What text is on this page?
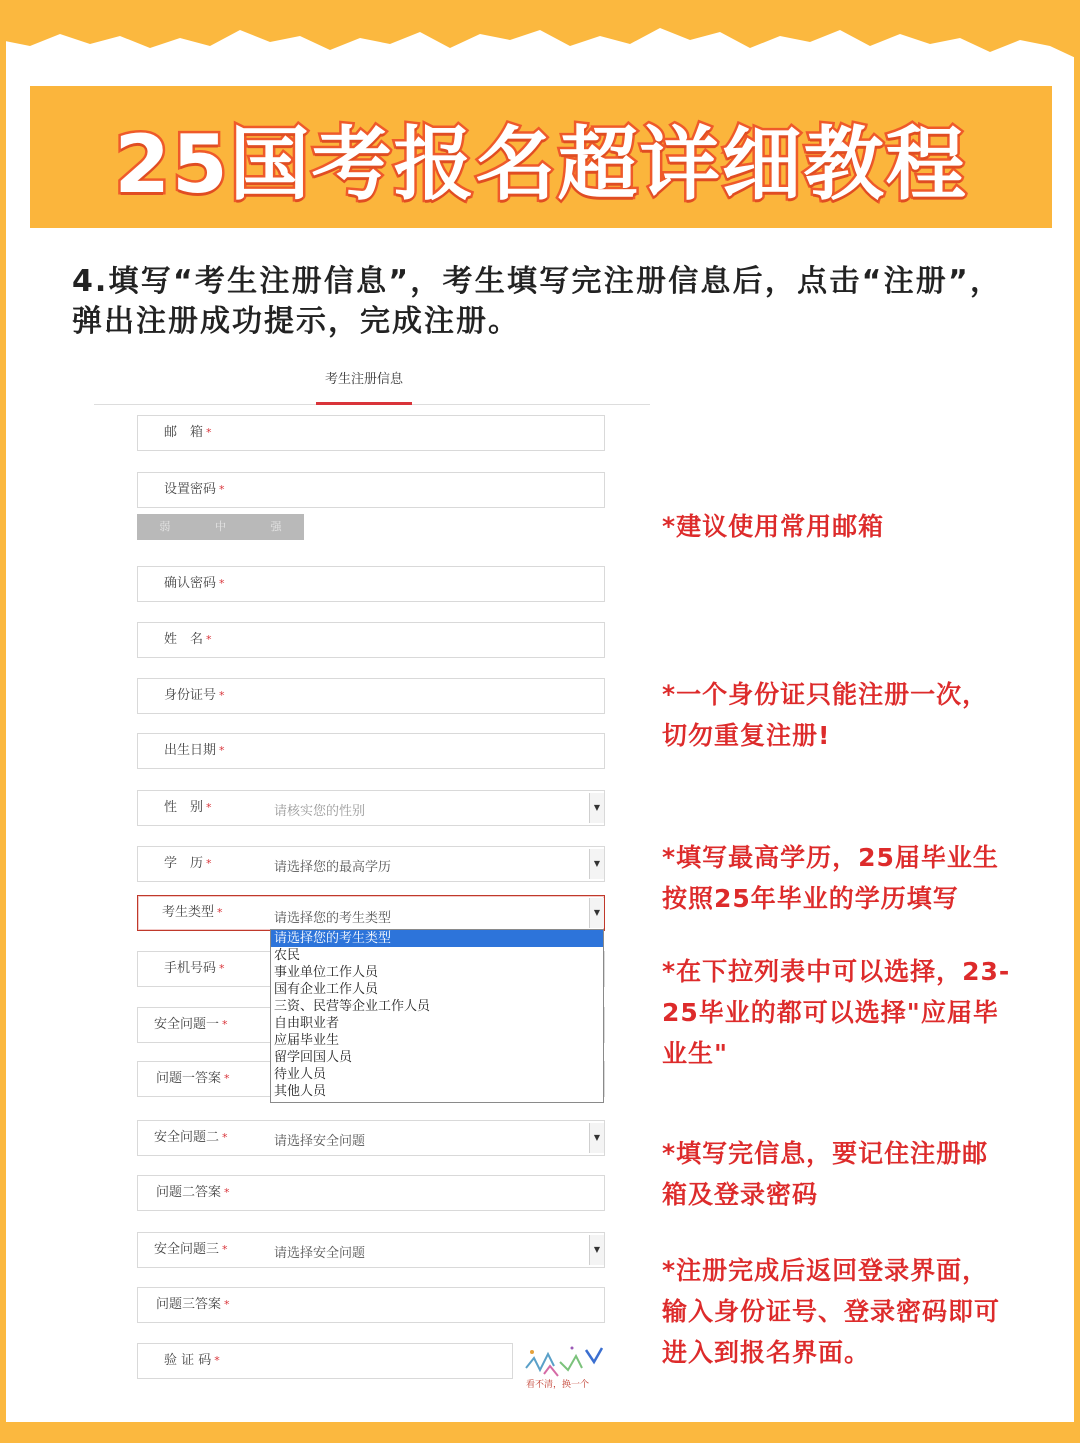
25国考报名超详细教程
4.填写“考生注册信息”，考生填写完注册信息后，点击“注册”，弹出注册成功提示，完成注册。
考生注册信息
邮　箱 *
设置密码 *
弱	中	强
确认密码 *
姓　名 *
身份证号 *
出生日期 *
性　别 *	请核实您的性别	▼
学　历 *	请选择您的最高学历	▼
考生类型 *	请选择您的考生类型	▼
手机号码 *
安全问题一 *
问题一答案 *
安全问题二 *	请选择安全问题	▼
问题二答案 *
安全问题三 *	请选择安全问题	▼
问题三答案 *
验 证 码 *
看不清，换一个
请选择您的考生类型
农民
事业单位工作人员
国有企业工作人员
三资、民营等企业工作人员
自由职业者
应届毕业生
留学回国人员
待业人员
其他人员
*建议使用常用邮箱
*一个身份证只能注册一次，切勿重复注册!
*填写最高学历，25届毕业生按照25年毕业的学历填写
*在下拉列表中可以选择，23-25毕业的都可以选择"应届毕业生"
*填写完信息，要记住注册邮箱及登录密码
*注册完成后返回登录界面，输入身份证号、登录密码即可进入到报名界面。
